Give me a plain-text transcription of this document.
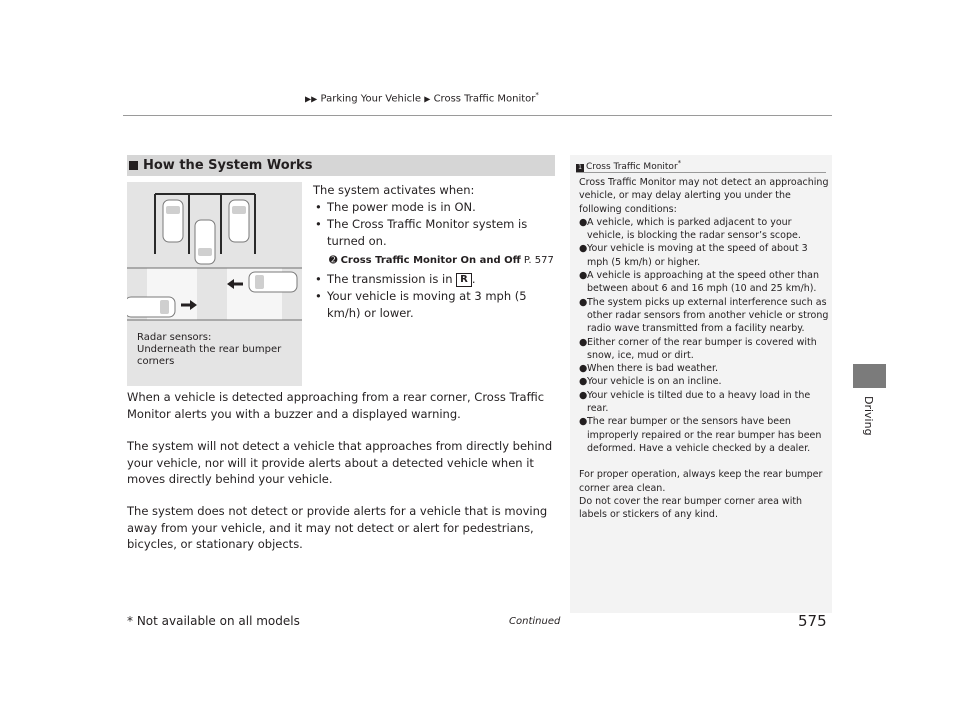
▶▶ Parking Your Vehicle ▶ Cross Traffic Monitor*
Driving
How the System Works
Radar sensors:
Underneath the rear bumper
corners
The system activates when:
• The power mode is in ON.
• The Cross Traffic Monitor system is turned on.
➋ Cross Traffic Monitor On and Off P. 577
• The transmission is in R .
• Your vehicle is moving at 3 mph (5 km/h) or lower.

When a vehicle is detected approaching from a rear corner, Cross Traffic Monitor alerts you with a buzzer and a displayed warning.

The system will not detect a vehicle that approaches from directly behind your vehicle, nor will it provide alerts about a detected vehicle when it moves directly behind your vehicle.

The system does not detect or provide alerts for a vehicle that is moving away from your vehicle, and it may not detect or alert for pedestrians, bicycles, or stationary objects.

1 Cross Traffic Monitor*

Cross Traffic Monitor may not detect an approaching vehicle, or may delay alerting you under the following conditions:

● A vehicle, which is parked adjacent to your vehicle, is blocking the radar sensor’s scope.
● Your vehicle is moving at the speed of about 3 mph (5 km/h) or higher.
● A vehicle is approaching at the speed other than between about 6 and 16 mph (10 and 25 km/h).
● The system picks up external interference such as other radar sensors from another vehicle or strong radio wave transmitted from a facility nearby.
● Either corner of the rear bumper is covered with snow, ice, mud or dirt.
● When there is bad weather.
● Your vehicle is on an incline.
● Your vehicle is tilted due to a heavy load in the rear.
● The rear bumper or the sensors have been improperly repaired or the rear bumper has been deformed. Have a vehicle checked by a dealer.

For proper operation, always keep the rear bumper corner area clean.

Do not cover the rear bumper corner area with labels or stickers of any kind.

* Not available on all models	Continued	575
